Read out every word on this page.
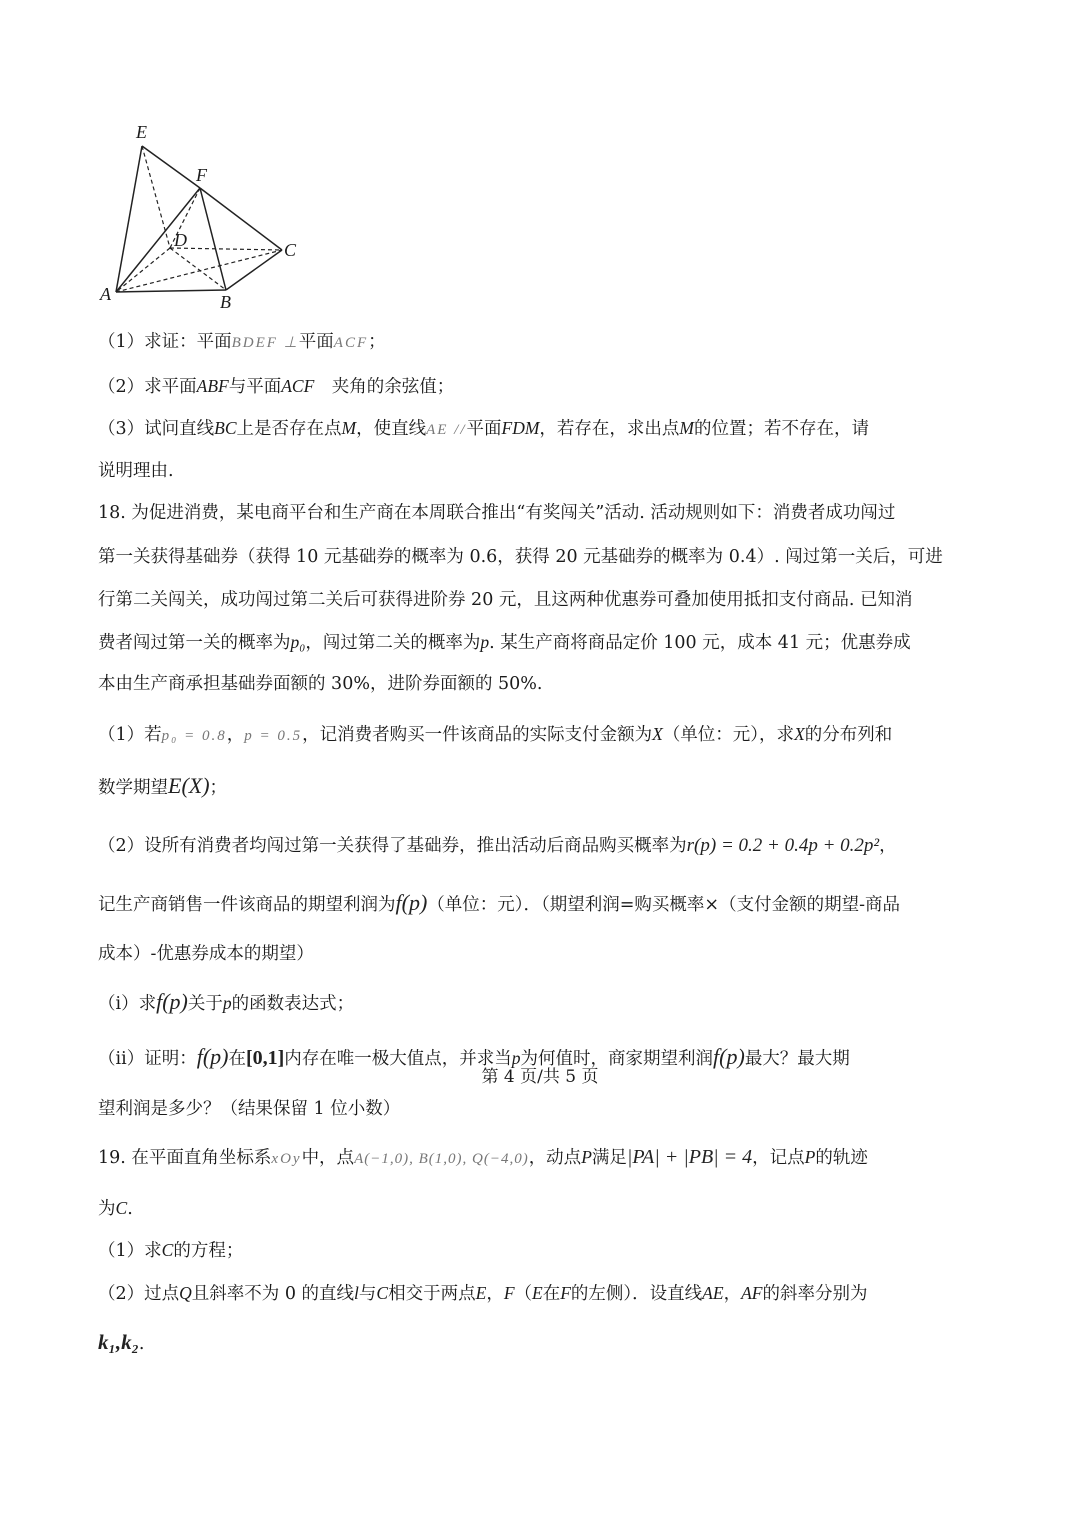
E
F
D	C
A	B
（1）求证：平面BDEF ⊥平面ACF；
（2）求平面ABF与平面ACF　夹角的余弦值；
（3）试问直线BC上是否存在点M，使直线AE //平面FDM，若存在，求出点M的位置；若不存在，请
说明理由.
18. 为促进消费，某电商平台和生产商在本周联合推出“有奖闯关”活动. 活动规则如下：消费者成功闯过
第一关获得基础券（获得 10 元基础券的概率为 0.6，获得 20 元基础券的概率为 0.4）. 闯过第一关后，可进
行第二关闯关，成功闯过第二关后可获得进阶券 20 元，且这两种优惠券可叠加使用抵扣支付商品. 已知消
费者闯过第一关的概率为p₀，闯过第二关的概率为p. 某生产商将商品定价 100 元，成本 41 元；优惠券成
本由生产商承担基础券面额的 30%，进阶券面额的 50%.
（1）若p₀ = 0.8，p = 0.5，记消费者购买一件该商品的实际支付金额为X（单位：元），求X的分布列和
数学期望E(X)；
（2）设所有消费者均闯过第一关获得了基础券，推出活动后商品购买概率为r(p) = 0.2 + 0.4p + 0.2p²，
记生产商销售一件该商品的期望利润为f(p)（单位：元）．（期望利润=购买概率×（支付金额的期望-商品
成本）-优惠券成本的期望）
（ⅰ）求f(p)关于p的函数表达式；
（ⅱ）证明：f(p)在[0,1]内存在唯一极大值点，并求当p为何值时，商家期望利润f(p)最大？最大期
望利润是多少？（结果保留 1 位小数）
19. 在平面直角坐标系xOy中，点A(−1,0), B(1,0), Q(−4,0)，动点P满足|PA| + |PB| = 4，记点P的轨迹
为C.
（1）求C的方程；
（2）过点Q且斜率不为 0 的直线l与C相交于两点E，F（E在F的左侧）．设直线AE，AF的斜率分别为
k₁,k₂.
第 4 页/共 5 页
